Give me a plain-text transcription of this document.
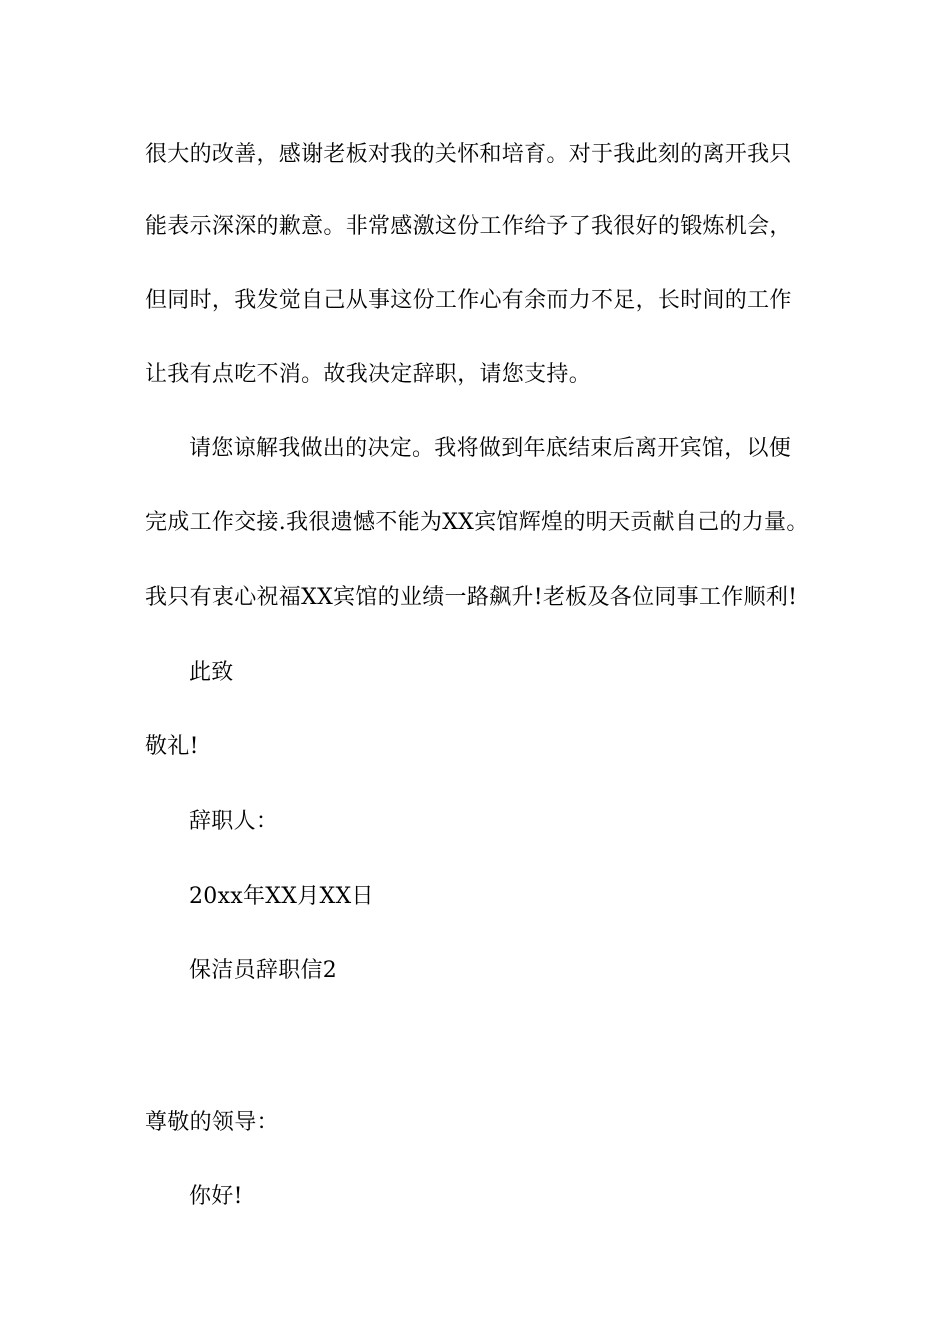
很大的改善，感谢老板对我的关怀和培育。对于我此刻的离开我只
能表示深深的歉意。非常感激这份工作给予了我很好的锻炼机会，
但同时，我发觉自己从事这份工作心有余而力不足，长时间的工作
让我有点吃不消。故我决定辞职，请您支持。
请您谅解我做出的决定。我将做到年底结束后离开宾馆，以便
完成工作交接.我很遗憾不能为XX宾馆辉煌的明天贡献自己的力量。
我只有衷心祝福XX宾馆的业绩一路飙升!老板及各位同事工作顺利!
此致
敬礼!
辞职人：
20xx年XX月XX日
保洁员辞职信2
尊敬的领导：
你好!
